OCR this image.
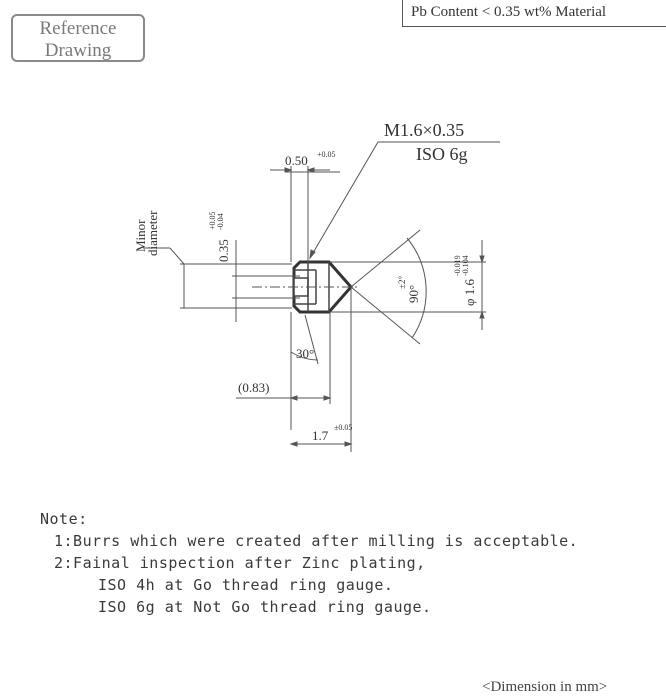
Reference
Drawing
Pb Content < 0.35 wt% Material
M1.6×0.35
ISO 6g
0.50 +0.05
0.35
+0.05 -0.04
Minor
diameter
φ 1.6
-0.019 -0.104
90°
±2°
30°
(0.83)
1.7
±0.05
Note:
1:Burrs which were created after milling is acceptable.
2:Fainal inspection after Zinc plating,
ISO 4h at Go thread ring gauge.
ISO 6g at Not Go thread ring gauge.
<Dimension in mm>
